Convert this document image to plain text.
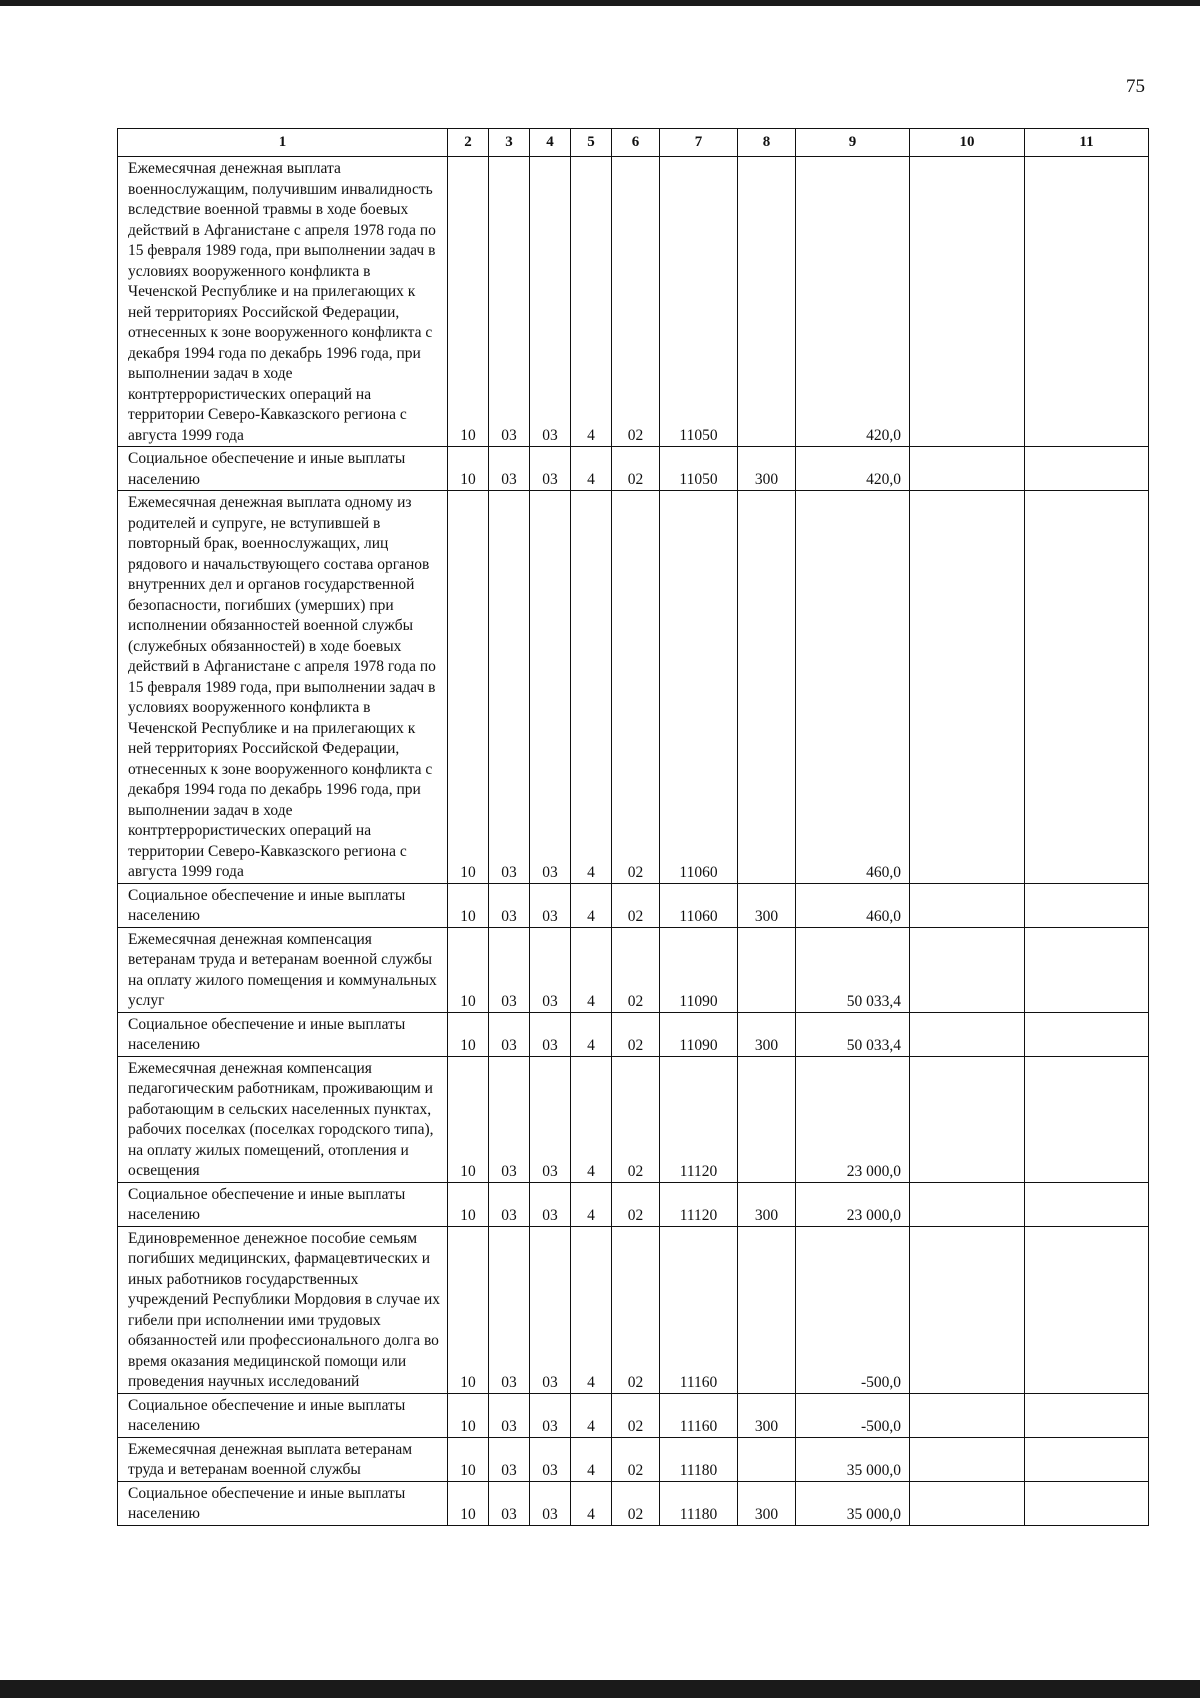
75
1	2	3	4	5	6	7	8	9	10	11
Ежемесячная денежная выплата военнослужащим, получившим инвалидность вследствие военной травмы в ходе боевых действий в Афганистане с апреля 1978 года по 15 февраля 1989 года, при выполнении задач в условиях вооруженного конфликта в Чеченской Республике и на прилегающих к ней территориях Российской Федерации, отнесенных к зоне вооруженного конфликта с декабря 1994 года по декабрь 1996 года, при выполнении задач в ходе контртеррористических операций на территории Северо-Кавказского региона с августа 1999 года	10	03	03	4	02	11050		420,0		
Социальное обеспечение и иные выплаты населению	10	03	03	4	02	11050	300	420,0		
Ежемесячная денежная выплата одному из родителей и супруге, не вступившей в повторный брак, военнослужащих, лиц рядового и начальствующего состава органов внутренних дел и органов государственной безопасности, погибших (умерших) при исполнении обязанностей военной службы (служебных обязанностей) в ходе боевых действий в Афганистане с апреля 1978 года по 15 февраля 1989 года, при выполнении задач в условиях вооруженного конфликта в Чеченской Республике и на прилегающих к ней территориях Российской Федерации, отнесенных к зоне вооруженного конфликта с декабря 1994 года по декабрь 1996 года, при выполнении задач в ходе контртеррористических операций на территории Северо-Кавказского региона с августа 1999 года	10	03	03	4	02	11060		460,0		
Социальное обеспечение и иные выплаты населению	10	03	03	4	02	11060	300	460,0		
Ежемесячная денежная компенсация ветеранам труда и ветеранам военной службы на оплату жилого помещения и коммунальных услуг	10	03	03	4	02	11090		50 033,4		
Социальное обеспечение и иные выплаты населению	10	03	03	4	02	11090	300	50 033,4		
Ежемесячная денежная компенсация педагогическим работникам, проживающим и работающим в сельских населенных пунктах, рабочих поселках (поселках городского типа), на оплату жилых помещений, отопления и освещения	10	03	03	4	02	11120		23 000,0		
Социальное обеспечение и иные выплаты населению	10	03	03	4	02	11120	300	23 000,0		
Единовременное денежное пособие семьям погибших медицинских, фармацевтических и иных работников государственных учреждений Республики Мордовия в случае их гибели при исполнении ими трудовых обязанностей или профессионального долга во время оказания медицинской помощи или проведения научных исследований	10	03	03	4	02	11160		-500,0		
Социальное обеспечение и иные выплаты населению	10	03	03	4	02	11160	300	-500,0		
Ежемесячная денежная выплата ветеранам труда и ветеранам военной службы	10	03	03	4	02	11180		35 000,0		
Социальное обеспечение и иные выплаты населению	10	03	03	4	02	11180	300	35 000,0		
